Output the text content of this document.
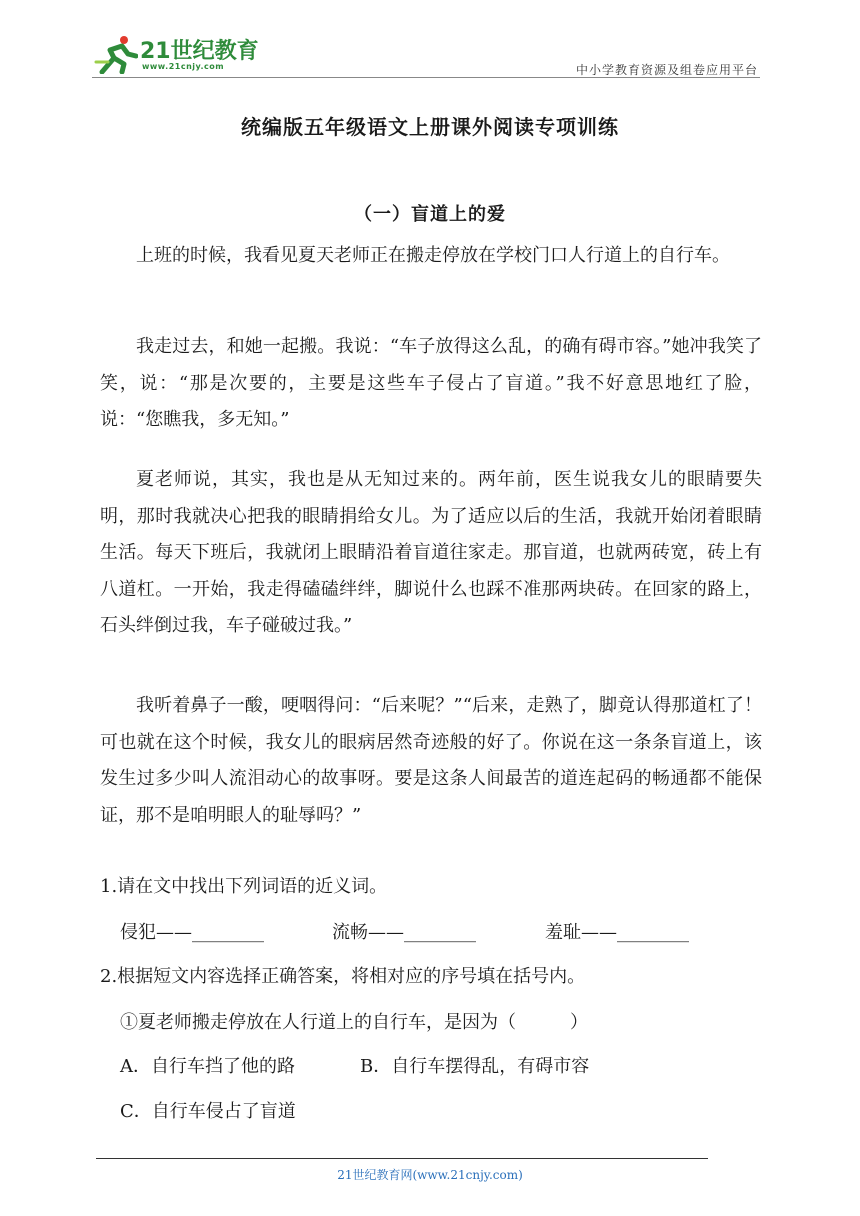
21世纪教育
www.21cnjy.com	中小学教育资源及组卷应用平台
统编版五年级语文上册课外阅读专项训练
（一）盲道上的爱

上班的时候，我看见夏天老师正在搬走停放在学校门口人行道上的自行车。

我走过去，和她一起搬。我说：“车子放得这么乱，的确有碍市容。”她冲我笑了笑，说：“那是次要的，主要是这些车子侵占了盲道。”我不好意思地红了脸，说：“您瞧我，多无知。”

夏老师说，其实，我也是从无知过来的。两年前，医生说我女儿的眼睛要失明，那时我就决心把我的眼睛捐给女儿。为了适应以后的生活，我就开始闭着眼睛生活。每天下班后，我就闭上眼睛沿着盲道往家走。那盲道，也就两砖宽，砖上有八道杠。一开始，我走得磕磕绊绊，脚说什么也踩不准那两块砖。在回家的路上，石头绊倒过我，车子碰破过我。”

我听着鼻子一酸，哽咽得问：“后来呢？”“后来，走熟了，脚竟认得那道杠了！可也就在这个时候，我女儿的眼病居然奇迹般的好了。你说在这一条条盲道上，该发生过多少叫人流泪动心的故事呀。要是这条人间最苦的道连起码的畅通都不能保证，那不是咱明眼人的耻辱吗？”

1.请在文中找出下列词语的近义词。
侵犯——________	流畅——________	羞耻——________
2.根据短文内容选择正确答案，将相对应的序号填在括号内。
①夏老师搬走停放在人行道上的自行车，是因为（　　　）
A．自行车挡了他的路	B．自行车摆得乱，有碍市容
C．自行车侵占了盲道
21世纪教育网(www.21cnjy.com)
